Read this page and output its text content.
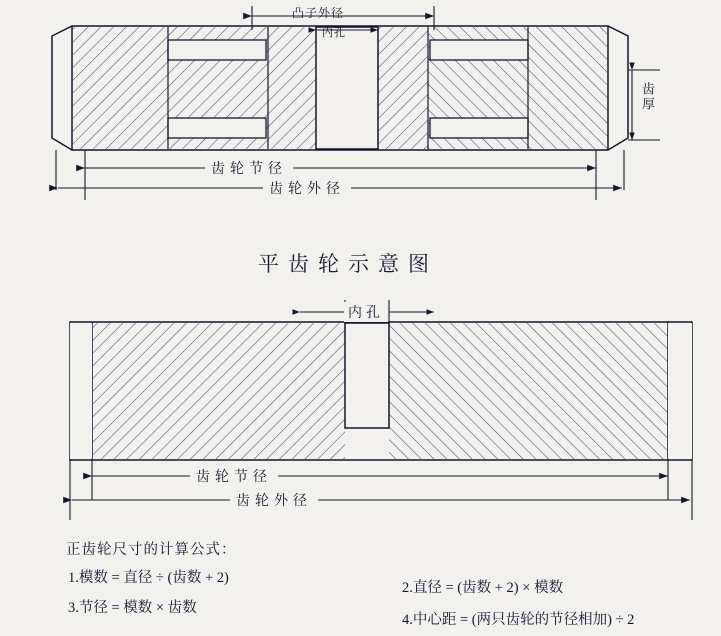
凸子外径
内孔
齿厚
齿轮节径
齿轮外径
平齿轮示意图
内孔
齿轮节径
齿轮外径
正齿轮尺寸的计算公式：
1.模数 = 直径 ÷ (齿数 + 2)
2.直径 = (齿数 + 2) × 模数
3.节径 = 模数 × 齿数
4.中心距 = (两只齿轮的节径相加) ÷ 2
